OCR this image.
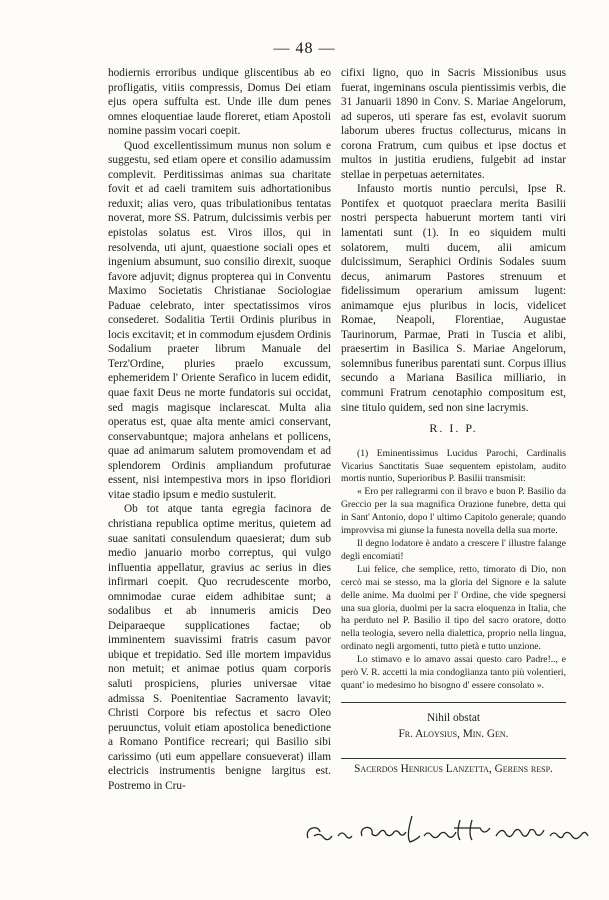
— 48 —

hodiernis erroribus undique gliscentibus ab eo profligatis, vitiis compressis, Domus Dei etiam ejus opera suffulta est. Unde ille dum penes omnes eloquentiae laude floreret, etiam Apostoli nomine passim vocari coepit.

Quod excellentissimum munus non solum e suggestu, sed etiam opere et consilio adamussim complevit. Perditissimas animas sua charitate fovit et ad caeli tramitem suis adhortationibus reduxit; alias vero, quas tribulationibus tentatas noverat, more SS. Patrum, dulcissimis verbis per epistolas solatus est. Viros illos, qui in resolvenda, uti ajunt, quaestione sociali opes et ingenium absumunt, suo consilio direxit, suoque favore adjuvit; dignus propterea qui in Conventu Maximo Societatis Christianae Sociologiae Paduae celebrato, inter spectatissimos viros consederet. Sodalitia Tertii Ordinis pluribus in locis excitavit; et in commodum ejusdem Ordinis Sodalium praeter librum Manuale del Terz'Ordine, pluries praelo excussum, ephemeridem l' Oriente Serafico in lucem edidit, quae faxit Deus ne morte fundatoris sui occidat, sed magis magisque inclarescat. Multa alia operatus est, quae alta mente amici conservant, conservabuntque; majora anhelans et pollicens, quae ad animarum salutem promovendam et ad splendorem Ordinis ampliandum profuturae essent, nisi intempestiva mors in ipso floridiori vitae stadio ipsum e medio sustulerit.

Ob tot atque tanta egregia facinora de christiana republica optime meritus, quietem ad suae sanitati consulendum quaesierat; dum sub medio januario morbo correptus, qui vulgo influentia appellatur, gravius ac serius in dies infirmari coepit. Quo recrudescente morbo, omnimodae curae eidem adhibitae sunt; a sodalibus et ab innumeris amicis Deo Deiparaeque supplicationes factae; ob imminentem suavissimi fratris casum pavor ubique et trepidatio. Sed ille mortem impavidus non metuit; et animae potius quam corporis saluti prospiciens, pluries universae vitae admissa S. Poenitentiae Sacramento lavavit; Christi Corpore bis refectus et sacro Oleo peruunctus, voluit etiam apostolica benedictione a Romano Pontifice recreari; qui Basilio sibi carissimo (uti eum appellare consueverat) illam electricis instrumentis benigne largitus est. Postremo in Cru-

cifixi ligno, quo in Sacris Missionibus usus fuerat, ingeminans oscula pientissimis verbis, die 31 Januarii 1890 in Conv. S. Mariae Angelorum, ad superos, uti sperare fas est, evolavit suorum laborum uberes fructus collecturus, micans in corona Fratrum, cum quibus et ipse doctus et multos in justitia erudiens, fulgebit ad instar stellae in perpetuas aeternitates.

Infausto mortis nuntio perculsi, Ipse R. Pontifex et quotquot praeclara merita Basilii nostri perspecta habuerunt mortem tanti viri lamentati sunt (1). In eo siquidem multi solatorem, multi ducem, alii amicum dulcissimum, Seraphici Ordinis Sodales suum decus, animarum Pastores strenuum et fidelissimum operarium amissum lugent: animamque ejus pluribus in locis, videlicet Romae, Neapoli, Florentiae, Augustae Taurinorum, Parmae, Prati in Tuscia et alibi, praesertim in Basilica S. Mariae Angelorum, solemnibus funeribus parentati sunt. Corpus illius secundo a Mariana Basilica milliario, in communi Fratrum cenotaphio compositum est, sine titulo quidem, sed non sine lacrymis.

R. I. P.

(1) Eminentissimus Lucidus Parochi, Cardinalis Vicarius Sanctitatis Suae sequentem epistolam, audito mortis nuntio, Superioribus P. Basilii transmisit:

« Ero per rallegrarmi con il bravo e buon P. Basilio da Greccio per la sua magnifica Orazione funebre, detta qui in Sant' Antonio, dopo l' ultimo Capitolo generale; quando improvvisa mi giunse la funesta novella della sua morte.

Il degno lodatore è andato a crescere l' illustre falange degli encomiati!

Lui felice, che semplice, retto, timorato di Dio, non cercò mai se stesso, ma la gloria del Signore e la salute delle anime. Ma duolmi per l' Ordine, che vide spegnersi una sua gloria, duolmi per la sacra eloquenza in Italia, che ha perduto nel P. Basilio il tipo del sacro oratore, dotto nella teologia, severo nella dialettica, proprio nella lingua, ordinato negli argomenti, tutto pietà e tutto unzione.

Lo stimavo e lo amavo assai questo caro Padre!.., e però V. R. accetti la mia condoglianza tanto più volentieri, quant' io medesimo ho bisogno d' essere consolato ».

Nihil obstat

Fr. Aloysius, Min. Gen.

Sacerdos Henricus Lanzetta, Gerens resp.
